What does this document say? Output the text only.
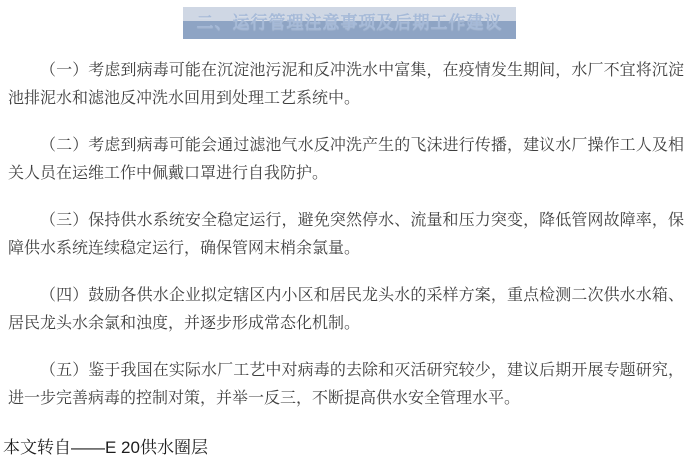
二、运行管理注意事项及后期工作建议

（一）考虑到病毒可能在沉淀池污泥和反冲洗水中富集，在疫情发生期间，水厂不宜将沉淀池排泥水和滤池反冲洗水回用到处理工艺系统中。

（二）考虑到病毒可能会通过滤池气水反冲洗产生的飞沫进行传播，建议水厂操作工人及相关人员在运维工作中佩戴口罩进行自我防护。

（三）保持供水系统安全稳定运行，避免突然停水、流量和压力突变，降低管网故障率，保障供水系统连续稳定运行，确保管网末梢余氯量。

（四）鼓励各供水企业拟定辖区内小区和居民龙头水的采样方案，重点检测二次供水水箱、居民龙头水余氯和浊度，并逐步形成常态化机制。

（五）鉴于我国在实际水厂工艺中对病毒的去除和灭活研究较少，建议后期开展专题研究，进一步完善病毒的控制对策，并举一反三，不断提高供水安全管理水平。

本文转自——E 20供水圈层
